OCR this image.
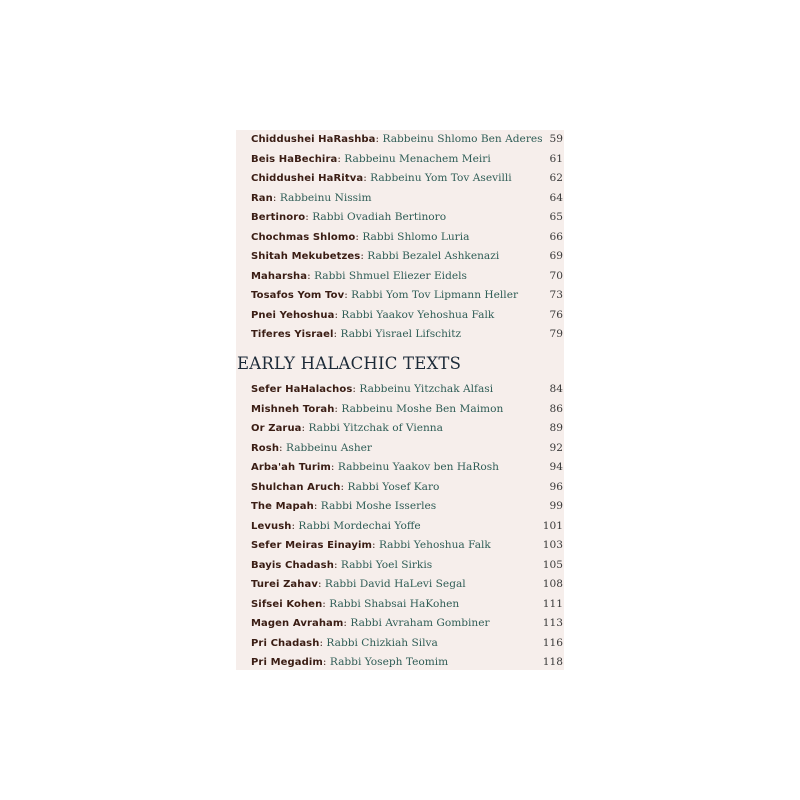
Chiddushei HaRashba: Rabbeinu Shlomo Ben Aderes 59
Beis HaBechira: Rabbeinu Menachem Meiri	61
Chiddushei HaRitva: Rabbeinu Yom Tov Asevilli	62
Ran: Rabbeinu Nissim	64
Bertinoro: Rabbi Ovadiah Bertinoro	65
Chochmas Shlomo: Rabbi Shlomo Luria	66
Shitah Mekubetzes: Rabbi Bezalel Ashkenazi	69
Maharsha: Rabbi Shmuel Eliezer Eidels	70
Tosafos Yom Tov: Rabbi Yom Tov Lipmann Heller	73
Pnei Yehoshua: Rabbi Yaakov Yehoshua Falk	76
Tiferes Yisrael: Rabbi Yisrael Lifschitz	79
EARLY HALACHIC TEXTS
Sefer HaHalachos: Rabbeinu Yitzchak Alfasi	84
Mishneh Torah: Rabbeinu Moshe Ben Maimon	86
Or Zarua: Rabbi Yitzchak of Vienna	89
Rosh: Rabbeinu Asher	92
Arba'ah Turim: Rabbeinu Yaakov ben HaRosh	94
Shulchan Aruch: Rabbi Yosef Karo	96
The Mapah: Rabbi Moshe Isserles	99
Levush: Rabbi Mordechai Yoffe	101
Sefer Meiras Einayim: Rabbi Yehoshua Falk	103
Bayis Chadash: Rabbi Yoel Sirkis	105
Turei Zahav: Rabbi David HaLevi Segal	108
Sifsei Kohen: Rabbi Shabsai HaKohen	111
Magen Avraham: Rabbi Avraham Gombiner	113
Pri Chadash: Rabbi Chizkiah Silva	116
Pri Megadim: Rabbi Yoseph Teomim	118
